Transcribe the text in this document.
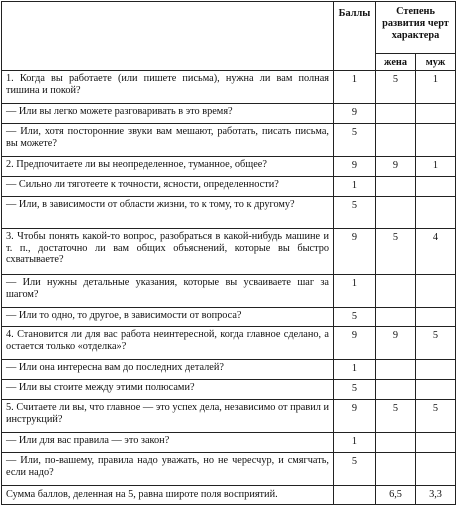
	Баллы	Степень развития черт характера	
		жена	муж
1. Когда вы работаете (или пишете письма), нужна ли вам полная тишина и покой?	1	5	1
— Или вы легко можете разговаривать в это время?	9		
— Или, хотя посторонние звуки вам мешают, работать, писать письма, вы можете?	5		
2. Предпочитаете ли вы неопределенное, туманное, общее?	9	9	1
— Сильно ли тяготеете к точности, ясности, определенности?	1		
— Или, в зависимости от области жизни, то к тому, то к другому?	5		
3. Чтобы понять какой-то вопрос, разобраться в какой-нибудь машине и т. п., достаточно ли вам общих объяснений, которые вы быстро схватываете?	9	5	4
— Или нужны детальные указания, которые вы усваиваете шаг за шагом?	1		
— Или то одно, то другое, в зависимости от вопроса?	5		
4. Становится ли для вас работа неинтересной, когда главное сделано, а остается только «отделка»?	9	9	5
— Или она интересна вам до последних деталей?	1		
— Или вы стоите между этими полюсами?	5		
5. Считаете ли вы, что главное — это успех дела, независимо от правил и инструкций?	9	5	5
— Или для вас правила — это закон?	1		
— Или, по-вашему, правила надо уважать, но не чересчур, и смягчать, если надо?	5		
Сумма баллов, деленная на 5, равна широте поля восприятий.		6,5	3,3
